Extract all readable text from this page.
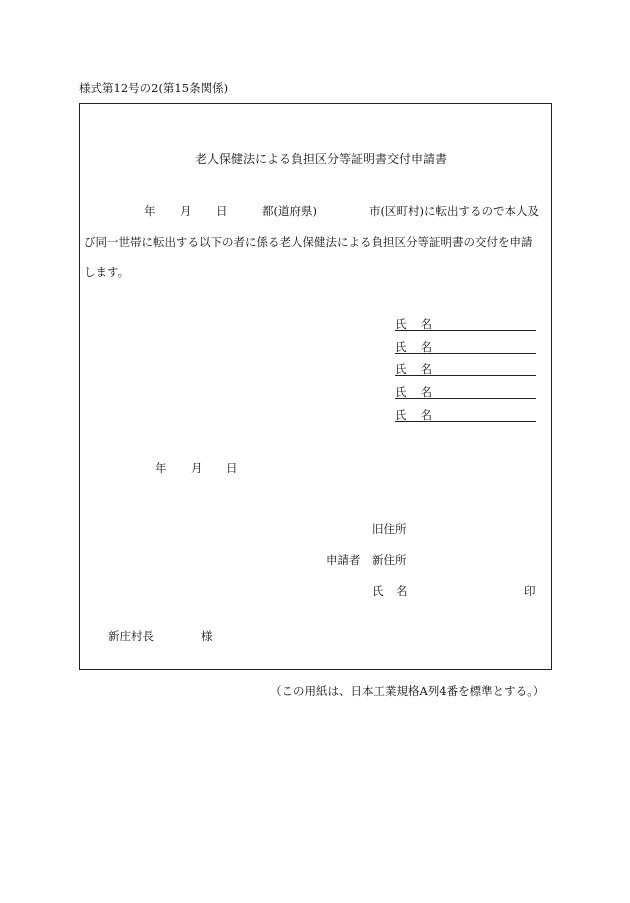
様式第12号の2(第15条関係)
老人保健法による負担区分等証明書交付申請書
年 月 日	都(道府県)	市(区町村)に転出するので本人及
び同一世帯に転出する以下の者に係る老人保健法による負担区分等証明書の交付を申請
します。
氏 名
氏 名
氏 名
氏 名
氏 名
年 月 日
旧住所
申請者 新住所
氏 名	印
新庄村長	様
（この用紙は、日本工業規格A列4番を標準とする。）
